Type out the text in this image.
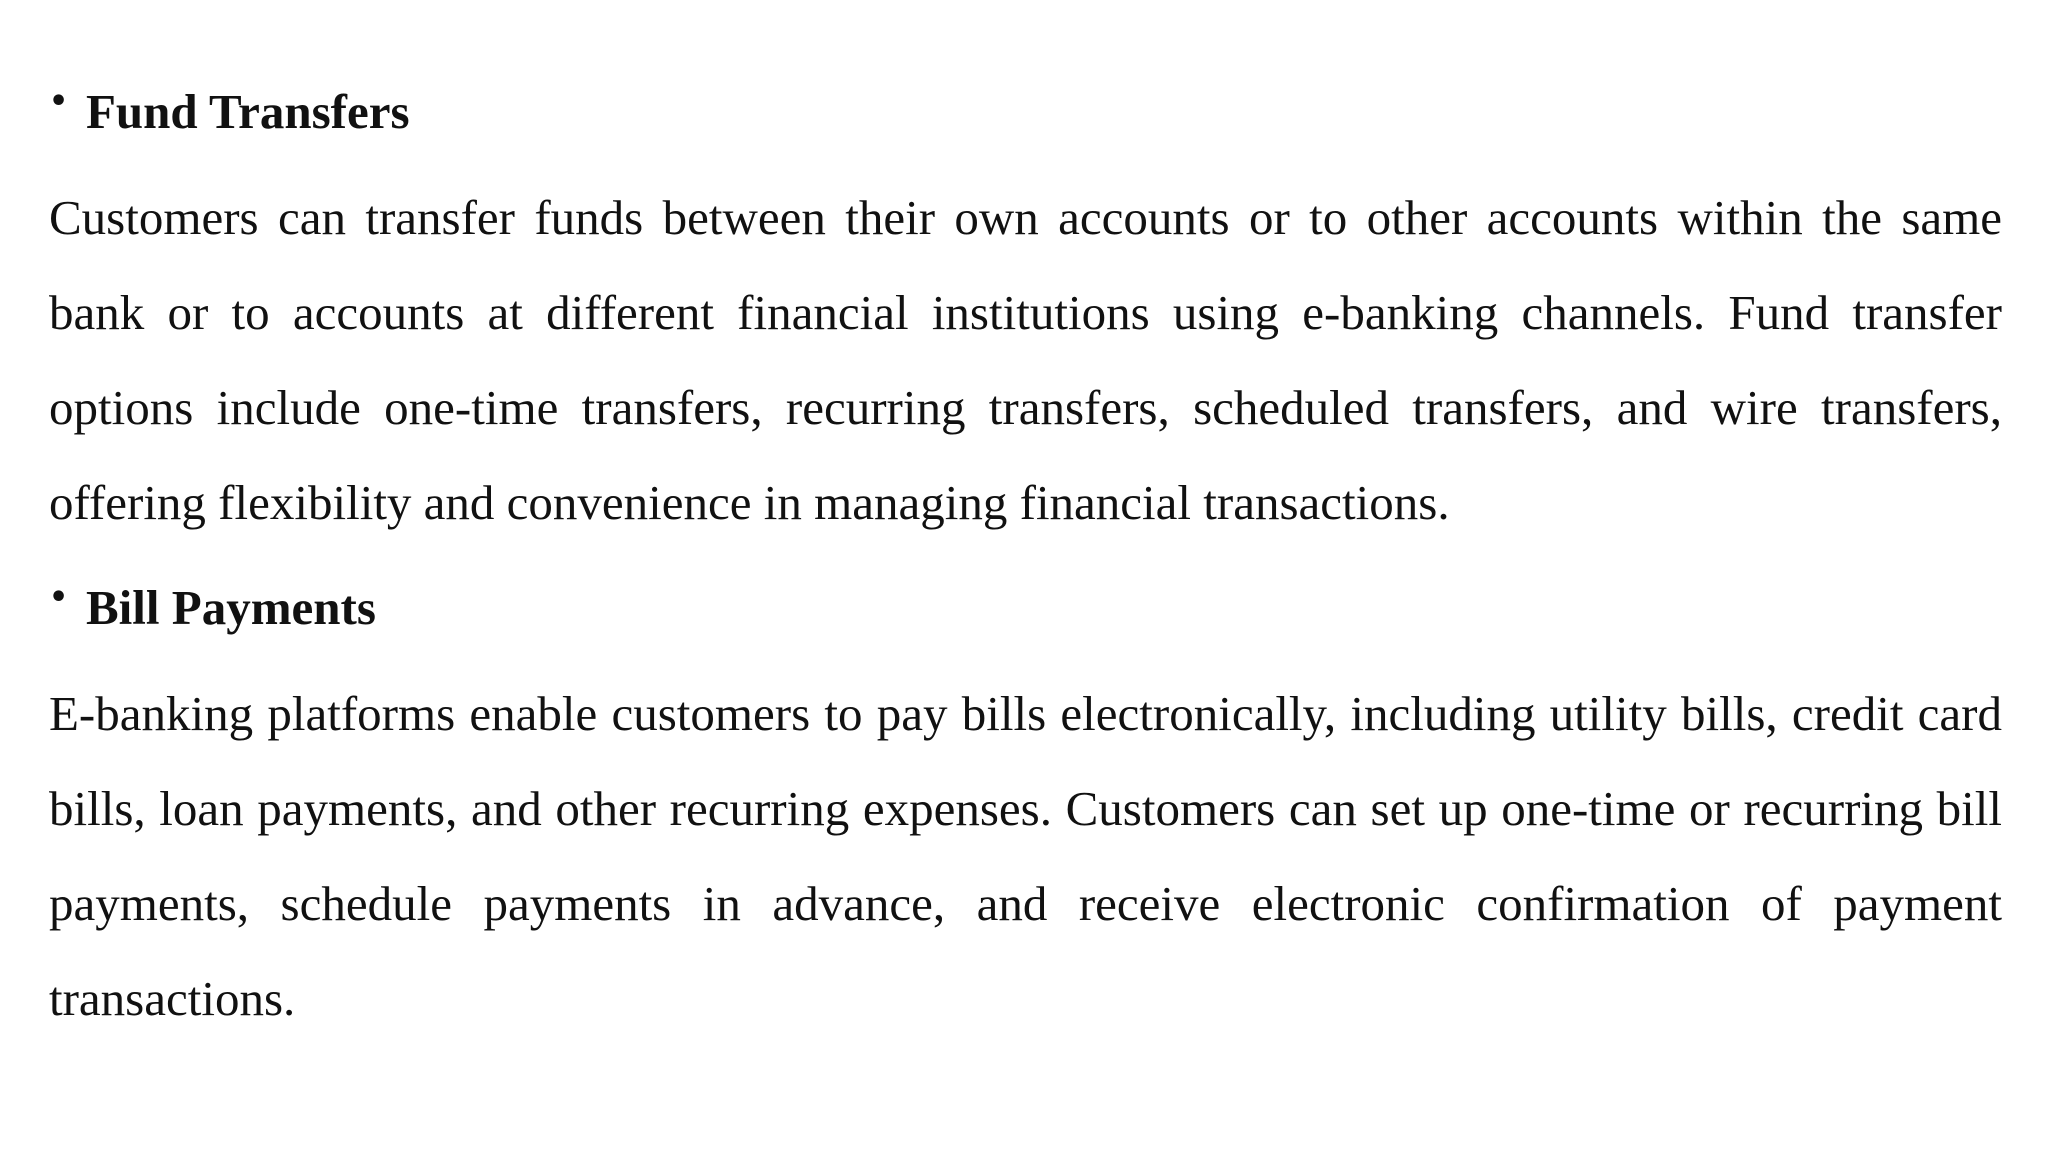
• Fund Transfers

Customers can transfer funds between their own accounts or to other accounts within the same bank or to accounts at different financial institutions using e-banking channels. Fund transfer options include one-time transfers, recurring transfers, scheduled transfers, and wire transfers, offering flexibility and convenience in managing financial transactions.

• Bill Payments

E-banking platforms enable customers to pay bills electronically, including utility bills, credit card bills, loan payments, and other recurring expenses. Customers can set up one-time or recurring bill payments, schedule payments in advance, and receive electronic confirmation of payment transactions.
